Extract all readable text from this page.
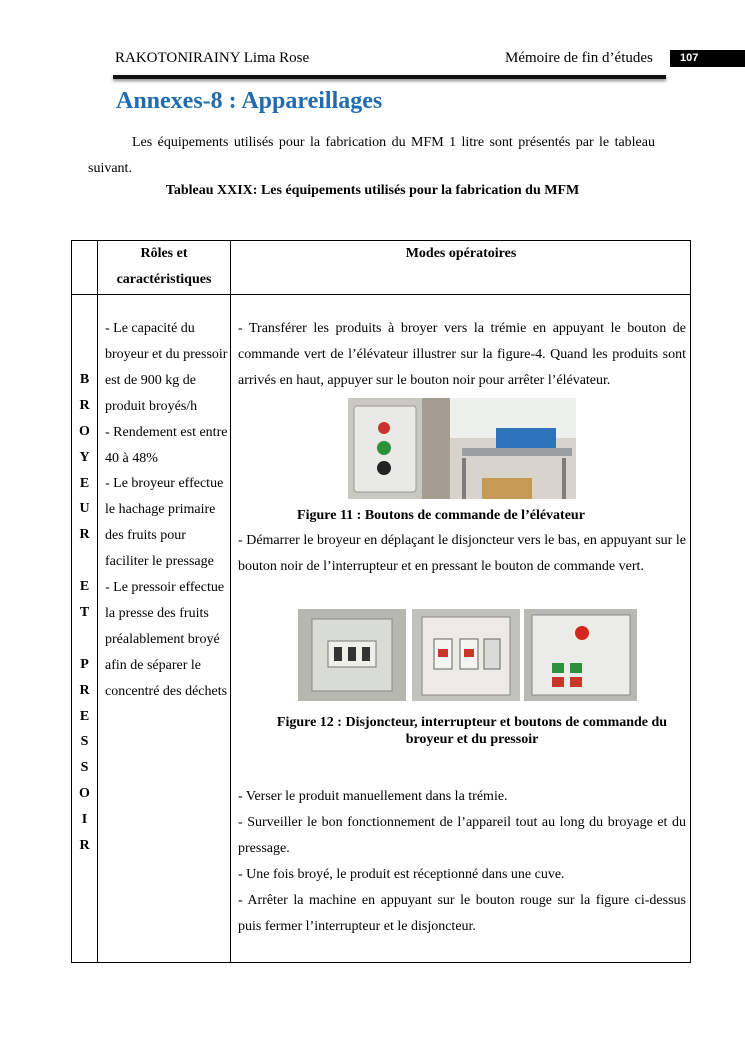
RAKOTONIRAINY Lima Rose	Mémoire de fin d’études	107
Annexes-8 : Appareillages
Les équipements utilisés pour la fabrication du MFM 1 litre sont présentés par le tableau suivant.
Tableau XXIX: Les équipements utilisés pour la fabrication du MFM
Rôles et caractéristiques
Modes opératoires
B
R
O
Y
E
U
R
E
T
P
R
E
S
S
O
I
R
- Le capacité du broyeur et du pressoir est de 900 kg de produit broyés/h
- Rendement est entre 40 à 48%
- Le broyeur effectue le hachage primaire des fruits pour faciliter le pressage
- Le pressoir effectue la presse des fruits préalablement broyé afin de séparer le concentré des déchets
- Transférer les produits à broyer vers la trémie en appuyant le bouton de commande vert de l’élévateur illustrer sur la figure-4. Quand les produits sont arrivés en haut, appuyer sur le bouton noir pour arrêter l’élévateur.
Figure 11 : Boutons de commande de l’élévateur
- Démarrer le broyeur en déplaçant le disjoncteur vers le bas, en appuyant sur le bouton noir de l’interrupteur et en pressant le bouton de commande vert.
Figure 12 : Disjoncteur, interrupteur et boutons de commande du broyeur et du pressoir
- Verser le produit manuellement dans la trémie.
- Surveiller le bon fonctionnement de l’appareil tout au long du broyage et du pressage.
- Une fois broyé, le produit est réceptionné dans une cuve.
- Arrêter la machine en appuyant sur le bouton rouge sur la figure ci-dessus puis fermer l’interrupteur et le disjoncteur.
